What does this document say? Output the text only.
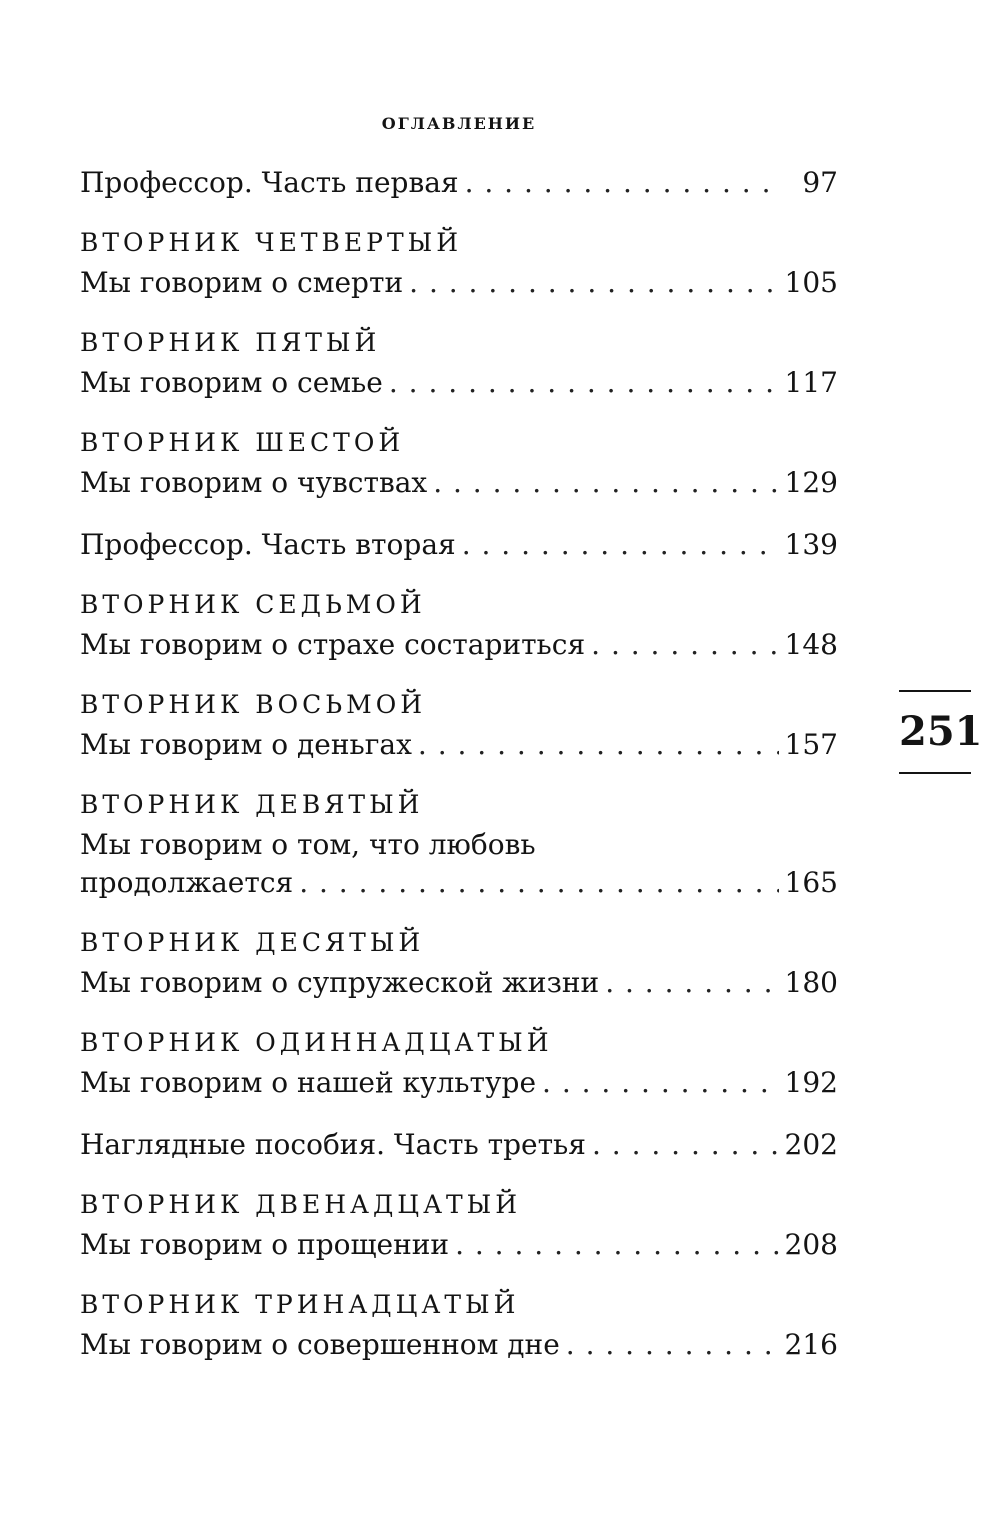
оглавление
Профессор. Часть первая . . .	97
ВТОРНИК ЧЕТВЕРТЫЙ
Мы говорим о смерти . . .	105
ВТОРНИК ПЯТЫЙ
Мы говорим о семье . . .	117
ВТОРНИК ШЕСТОЙ
Мы говорим о чувствах . . .	129
Профессор. Часть вторая . . .	139
ВТОРНИК СЕДЬМОЙ
Мы говорим о страхе состариться . . .	148
ВТОРНИК ВОСЬМОЙ
Мы говорим о деньгах . . .	157
ВТОРНИК ДЕВЯТЫЙ
Мы говорим о том, что любовь
продолжается . . .	165
ВТОРНИК ДЕСЯТЫЙ
Мы говорим о супружеской жизни . . .	180
ВТОРНИК ОДИННАДЦАТЫЙ
Мы говорим о нашей культуре . . .	192
Наглядные пособия. Часть третья . . .	202
ВТОРНИК ДВЕНАДЦАТЫЙ
Мы говорим о прощении . . .	208
ВТОРНИК ТРИНАДЦАТЫЙ
Мы говорим о совершенном дне . . .	216
251
